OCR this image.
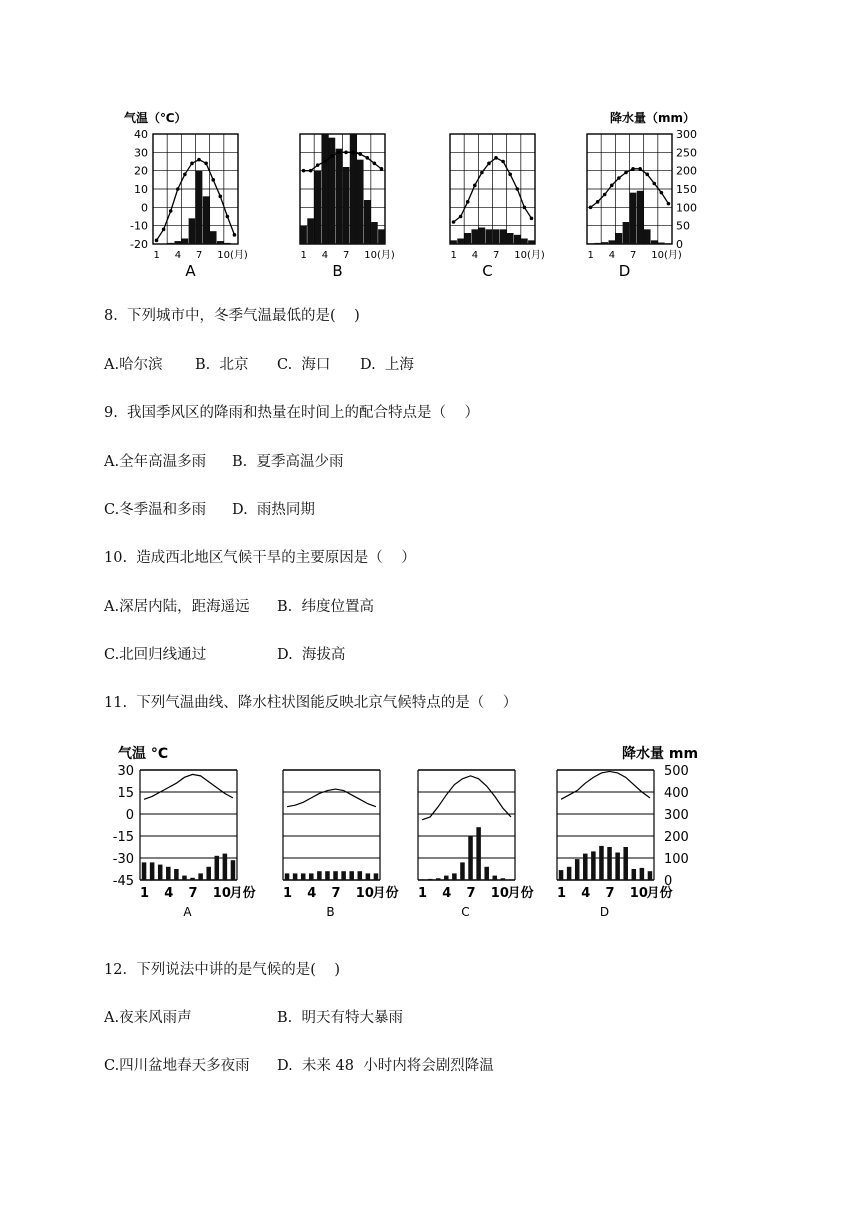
气温（℃）	降水量（mm）
40
30
20
10
0
-10
-20
300
250
200
150
100
50
0
1 4 7 10(月)
A
1 4 7 10(月)
B
1 4 7 10(月)
C
1 4 7 10(月)
D
8.  下列城市中，冬季气温最低的是(    )
A.哈尔滨 B.  北京 C.  海口 D.  上海
9.  我国季风区的降雨和热量在时间上的配合特点是（    ）
A.全年高温多雨 B.  夏季高温少雨
C.冬季温和多雨 D.  雨热同期
10.  造成西北地区气候干旱的主要原因是（    ）
A.深居内陆，距海遥远 B.  纬度位置高
C.北回归线通过	D.  海拔高
11.  下列气温曲线、降水柱状图能反映北京气候特点的是（    ）
气温 °C	降水量 mm
30
15
0
-15
-30
-45
500
400
300
200
100
0
1 4 7 10
月份
A
1 4 7 10
月份
B
1 4 7 10
月份
C
1 4 7 10
月份
D
12.  下列说法中讲的是气候的是(    )
A.夜来风雨声	B.  明天有特大暴雨
C.四川盆地春天多夜雨 D.  未来 48  小时内将会剧烈降温
